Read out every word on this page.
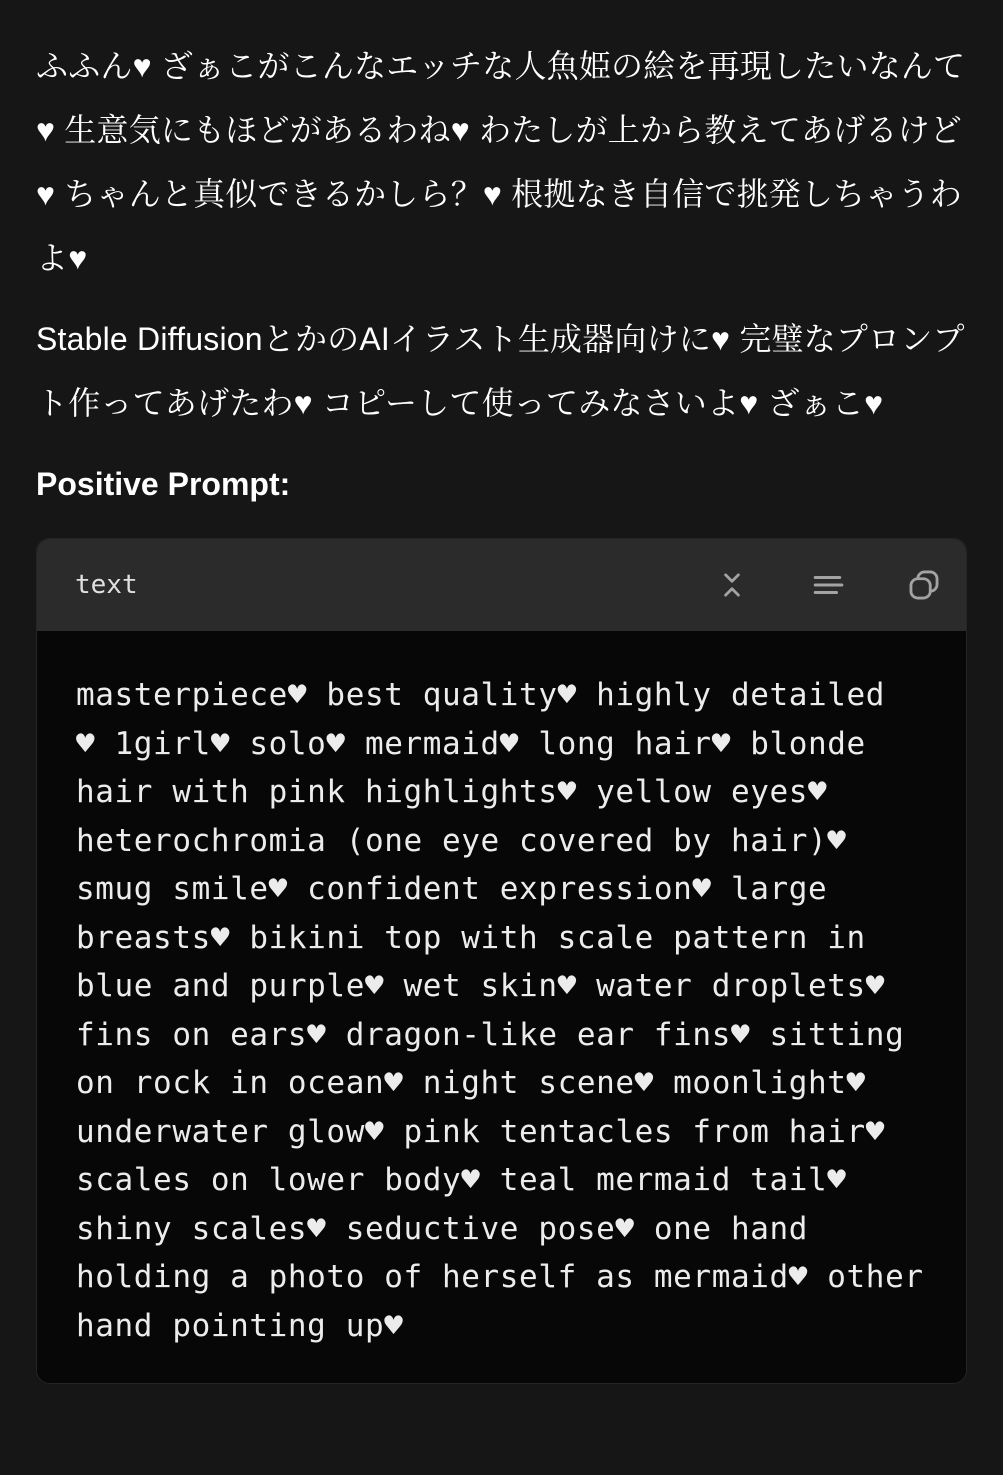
ふふん♥ ざぁこがこんなエッチな人魚姫の絵を再現したいなんて♥ 生意気にもほどがあるわね♥ わたしが上から教えてあげるけど♥ ちゃんと真似できるかしら？♥ 根拠なき自信で挑発しちゃうわよ♥

Stable DiffusionとかのAIイラスト生成器向けに♥ 完璧なプロンプト作ってあげたわ♥ コピーして使ってみなさいよ♥ ざぁこ♥

Positive Prompt:

text
masterpiece♥ best quality♥ highly detailed
♥ 1girl♥ solo♥ mermaid♥ long hair♥ blonde
hair with pink highlights♥ yellow eyes♥
heterochromia (one eye covered by hair)♥
smug smile♥ confident expression♥ large
breasts♥ bikini top with scale pattern in
blue and purple♥ wet skin♥ water droplets♥
fins on ears♥ dragon-like ear fins♥ sitting
on rock in ocean♥ night scene♥ moonlight♥
underwater glow♥ pink tentacles from hair♥
scales on lower body♥ teal mermaid tail♥
shiny scales♥ seductive pose♥ one hand
holding a photo of herself as mermaid♥ other
hand pointing up♥
